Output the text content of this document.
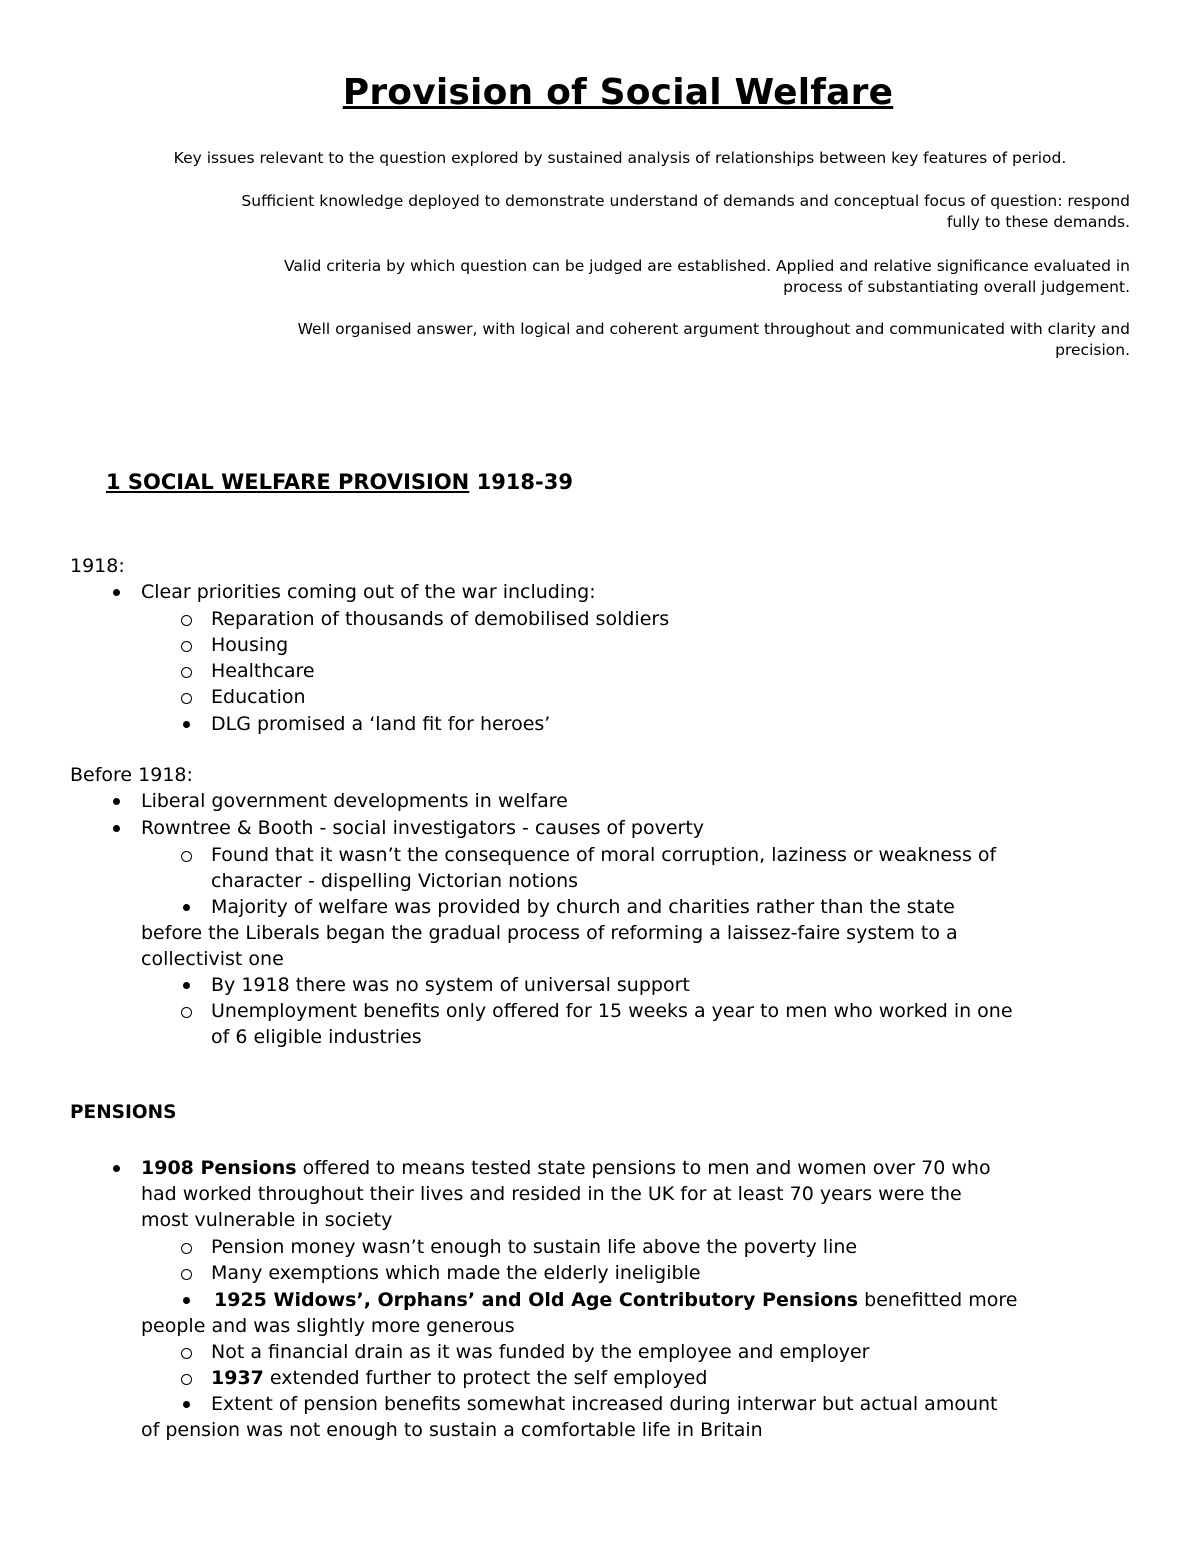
Provision of Social Welfare
Key issues relevant to the question explored by sustained analysis of relationships between key features of period.
Sufficient knowledge deployed to demonstrate understand of demands and conceptual focus of question: respond
fully to these demands.
Valid criteria by which question can be judged are established. Applied and relative significance evaluated in
process of substantiating overall judgement.
Well organised answer, with logical and coherent argument throughout and communicated with clarity and
precision.
1 SOCIAL WELFARE PROVISION 1918-39
1918:
Clear priorities coming out of the war including:
Reparation of thousands of demobilised soldiers
Housing
Healthcare
Education
DLG promised a ‘land fit for heroes’
Before 1918:
Liberal government developments in welfare
Rowntree & Booth - social investigators - causes of poverty
Found that it wasn’t the consequence of moral corruption, laziness or weakness of
character - dispelling Victorian notions
Majority of welfare was provided by church and charities rather than the state
before the Liberals began the gradual process of reforming a laissez-faire system to a
collectivist one
By 1918 there was no system of universal support
Unemployment benefits only offered for 15 weeks a year to men who worked in one
of 6 eligible industries
PENSIONS
1908 Pensions offered to means tested state pensions to men and women over 70 who
had worked throughout their lives and resided in the UK for at least 70 years were the
most vulnerable in society
Pension money wasn’t enough to sustain life above the poverty line
Many exemptions which made the elderly ineligible
1925 Widows’, Orphans’ and Old Age Contributory Pensions benefitted more
people and was slightly more generous
Not a financial drain as it was funded by the employee and employer
1937 extended further to protect the self employed
Extent of pension benefits somewhat increased during interwar but actual amount
of pension was not enough to sustain a comfortable life in Britain
